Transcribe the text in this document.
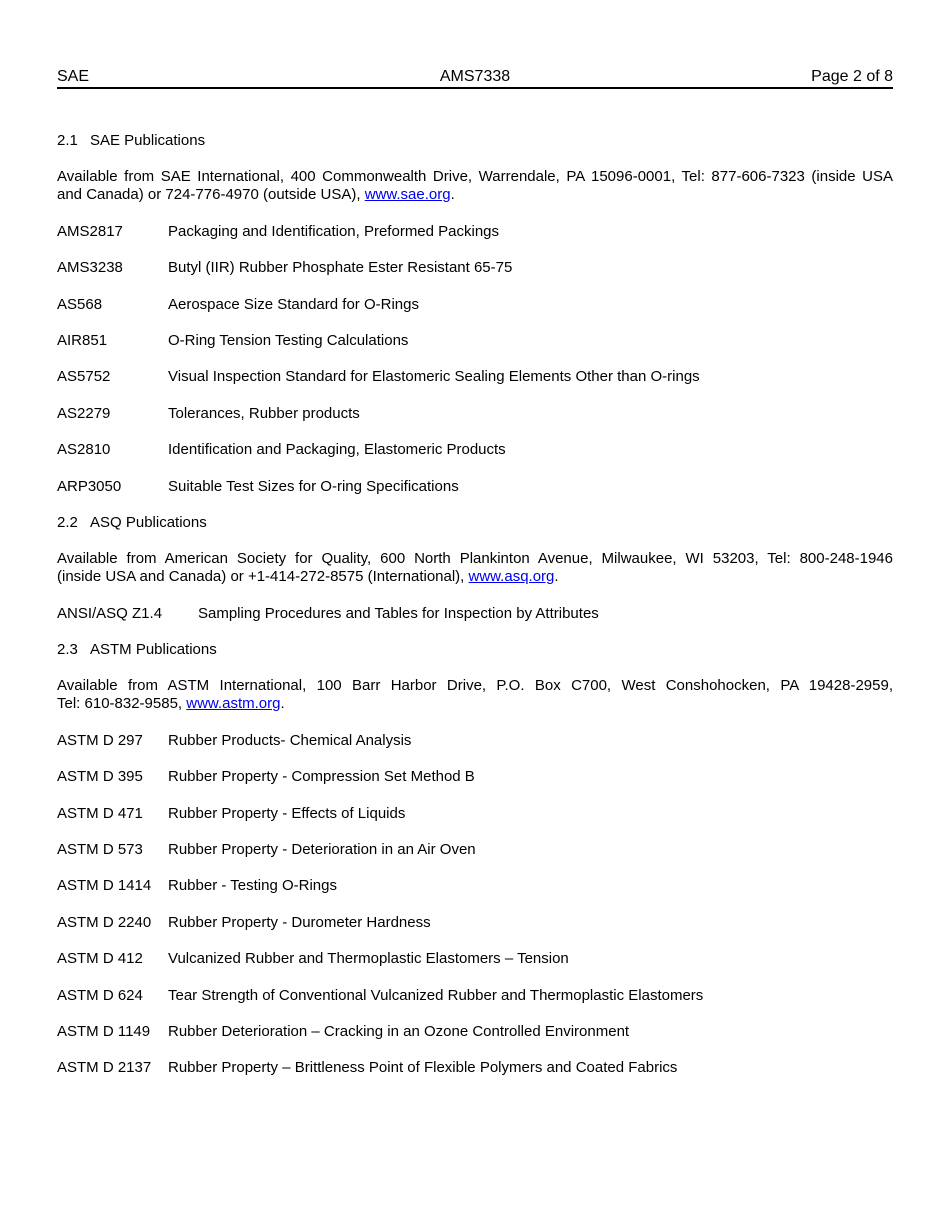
SAE	AMS7338	Page 2 of 8
2.1 SAE Publications
Available from SAE International, 400 Commonwealth Drive, Warrendale, PA 15096-0001, Tel: 877-606-7323 (inside USA
and Canada) or 724-776-4970 (outside USA), www.sae.org.
AMS2817	Packaging and Identification, Preformed Packings
AMS3238	Butyl (IIR) Rubber Phosphate Ester Resistant 65-75
AS568	Aerospace Size Standard for O-Rings
AIR851	O-Ring Tension Testing Calculations
AS5752	Visual Inspection Standard for Elastomeric Sealing Elements Other than O-rings
AS2279	Tolerances, Rubber products
AS2810	Identification and Packaging, Elastomeric Products
ARP3050	Suitable Test Sizes for O-ring Specifications
2.2 ASQ Publications
Available from American Society for Quality, 600 North Plankinton Avenue, Milwaukee, WI 53203, Tel: 800-248-1946
(inside USA and Canada) or +1-414-272-8575 (International), www.asq.org.
ANSI/ASQ Z1.4	Sampling Procedures and Tables for Inspection by Attributes
2.3 ASTM Publications
Available from ASTM International, 100 Barr Harbor Drive, P.O. Box C700, West Conshohocken, PA 19428-2959,
Tel: 610-832-9585, www.astm.org.
ASTM D 297	Rubber Products- Chemical Analysis
ASTM D 395	Rubber Property - Compression Set Method B
ASTM D 471	Rubber Property - Effects of Liquids
ASTM D 573	Rubber Property - Deterioration in an Air Oven
ASTM D 1414	Rubber - Testing O-Rings
ASTM D 2240	Rubber Property - Durometer Hardness
ASTM D 412	Vulcanized Rubber and Thermoplastic Elastomers – Tension
ASTM D 624	Tear Strength of Conventional Vulcanized Rubber and Thermoplastic Elastomers
ASTM D 1149	Rubber Deterioration – Cracking in an Ozone Controlled Environment
ASTM D 2137	Rubber Property – Brittleness Point of Flexible Polymers and Coated Fabrics
